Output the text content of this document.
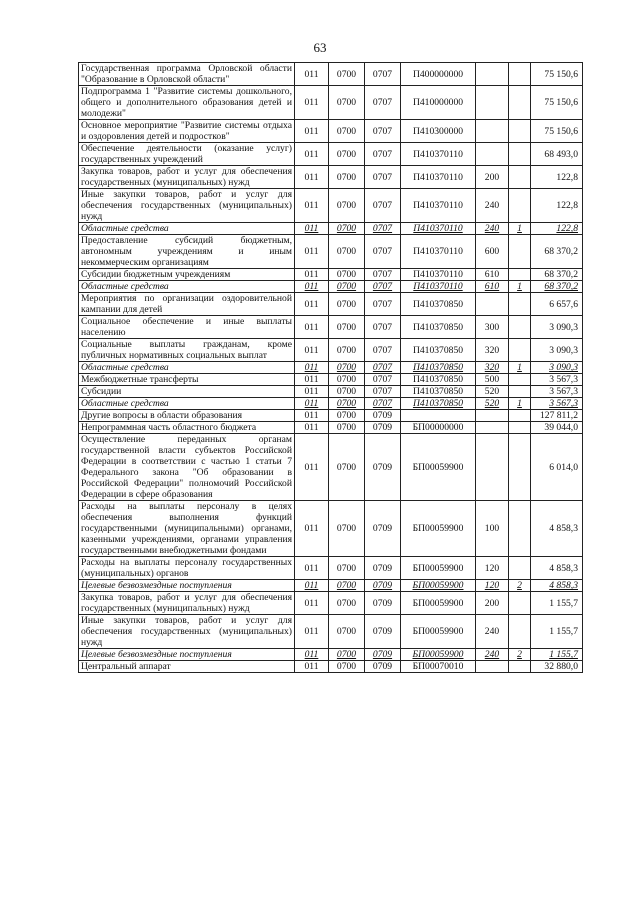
63
Государственная программа Орловской области "Образование в Орловской области"	011	0700	0707	П400000000			75 150,6
Подпрограмма 1 "Развитие системы дошкольного, общего и дополнительного образования детей и молодежи"	011	0700	0707	П410000000			75 150,6
Основное мероприятие "Развитие системы отдыха и оздоровления детей и подростков"	011	0700	0707	П410300000			75 150,6
Обеспечение деятельности (оказание услуг) государственных учреждений	011	0700	0707	П410370110			68 493,0
Закупка товаров, работ и услуг для обеспечения государственных (муниципальных) нужд	011	0700	0707	П410370110	200		122,8
Иные закупки товаров, работ и услуг для обеспечения государственных (муниципальных) нужд	011	0700	0707	П410370110	240		122,8
Областные средства	011	0700	0707	П410370110	240	1	122,8
Предоставление субсидий бюджетным, автономным учреждениям и иным некоммерческим организациям	011	0700	0707	П410370110	600		68 370,2
Субсидии бюджетным учреждениям	011	0700	0707	П410370110	610		68 370,2
Областные средства	011	0700	0707	П410370110	610	1	68 370,2
Мероприятия по организации оздоровительной кампании для детей	011	0700	0707	П410370850			6 657,6
Социальное обеспечение и иные выплаты населению	011	0700	0707	П410370850	300		3 090,3
Социальные выплаты гражданам, кроме публичных нормативных социальных выплат	011	0700	0707	П410370850	320		3 090,3
Областные средства	011	0700	0707	П410370850	320	1	3 090,3
Межбюджетные трансферты	011	0700	0707	П410370850	500		3 567,3
Субсидии	011	0700	0707	П410370850	520		3 567,3
Областные средства	011	0700	0707	П410370850	520	1	3 567,3
Другие вопросы в области образования	011	0700	0709				127 811,2
Непрограммная часть областного бюджета	011	0700	0709	БП00000000			39 044,0
Осуществление переданных органам государственной власти субъектов Российской Федерации в соответствии с частью 1 статьи 7 Федерального закона "Об образовании в Российской Федерации" полномочий Российской Федерации в сфере образования	011	0700	0709	БП00059900			6 014,0
Расходы на выплаты персоналу в целях обеспечения выполнения функций государственными (муниципальными) органами, казенными учреждениями, органами управления государственными внебюджетными фондами	011	0700	0709	БП00059900	100		4 858,3
Расходы на выплаты персоналу государственных (муниципальных) органов	011	0700	0709	БП00059900	120		4 858,3
Целевые безвозмездные поступления	011	0700	0709	БП00059900	120	2	4 858,3
Закупка товаров, работ и услуг для обеспечения государственных (муниципальных) нужд	011	0700	0709	БП00059900	200		1 155,7
Иные закупки товаров, работ и услуг для обеспечения государственных (муниципальных) нужд	011	0700	0709	БП00059900	240		1 155,7
Целевые безвозмездные поступления	011	0700	0709	БП00059900	240	2	1 155,7
Центральный аппарат	011	0700	0709	БП00070010			32 880,0
